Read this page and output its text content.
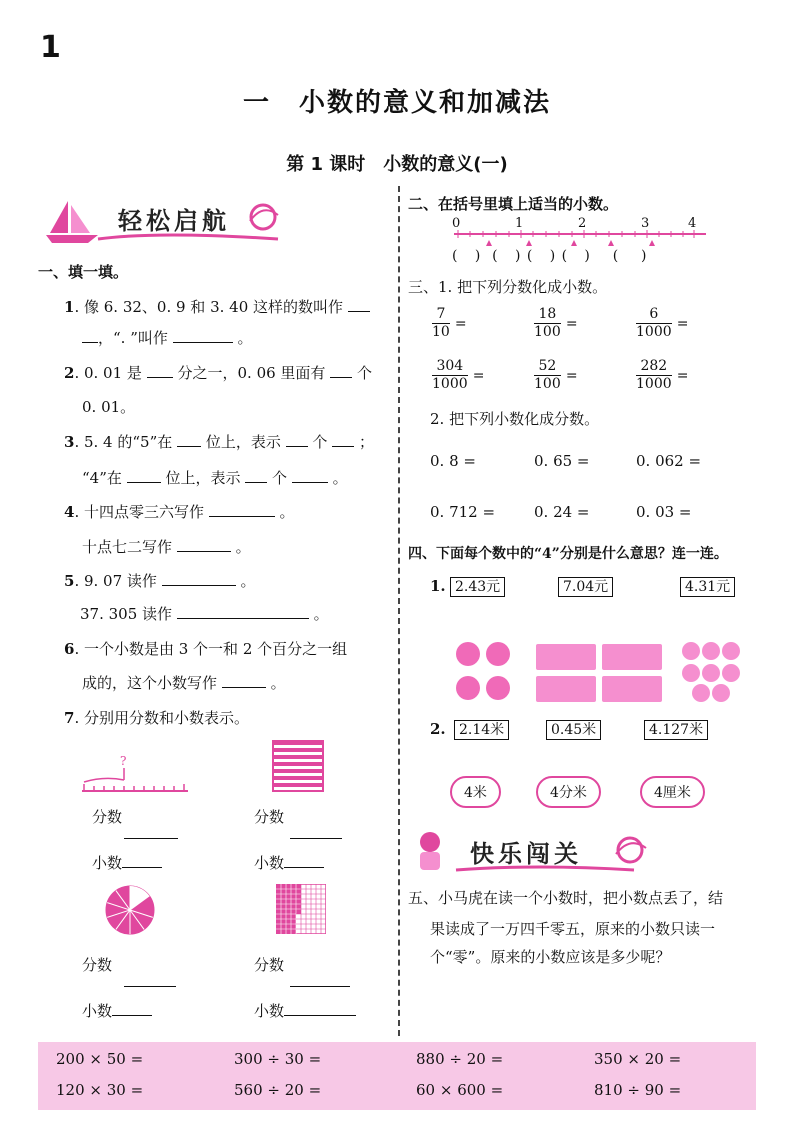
1
一　小数的意义和加减法
第 1 课时　小数的意义(一)
轻松启航
一、填一填。
1. 像 6. 32、0. 9 和 3. 40 这样的数叫作
，“. ”叫作	。
2. 0. 01 是 分之一，0. 06 里面有 个
0. 01。
3. 5. 4 的“5”在 位上，表示 个 ；
“4”在	位上，表示 个	。
4. 十四点零三六写作	。
十点七二写作	。
5. 9. 07 读作	。
37. 305 读作	。
6. 一个小数是由 3 个一和 2 个百分之一组
成的，这个小数写作	。
7. 分别用分数和小数表示。
?
分数
小数
分数
小数
分数
小数
分数
小数
二、在括号里填上适当的小数。
0	1	2	3	4
(   )  (   ) (   ) (   )    (    )
三、1. 把下列分数化成小数。
$\frac{7}{10}$ =	$\frac{18}{100}$ =	$\frac{6}{1000}$ =
$\frac{304}{1000}$ =	$\frac{52}{100}$ =	$\frac{282}{1000}$ =
2. 把下列小数化成分数。
0. 8 =	0. 65 =	0. 062 =
0. 712 =	0. 24 =	0. 03 =
四、下面每个数中的“4”分别是什么意思？连一连。
1. 2.43元	7.04元	4.31元
2. 2.14米	0.45米	4.127米
4米	4分米	4厘米
快乐闯关
五、小马虎在读一个小数时，把小数点丢了，结
果读成了一万四千零五，原来的小数只读一
个“零”。原来的小数应该是多少呢？
200 × 50 =	300 ÷ 30 =	880 ÷ 20 =	350 × 20 =
120 × 30 =	560 ÷ 20 =	60 × 600 =	810 ÷ 90 =
